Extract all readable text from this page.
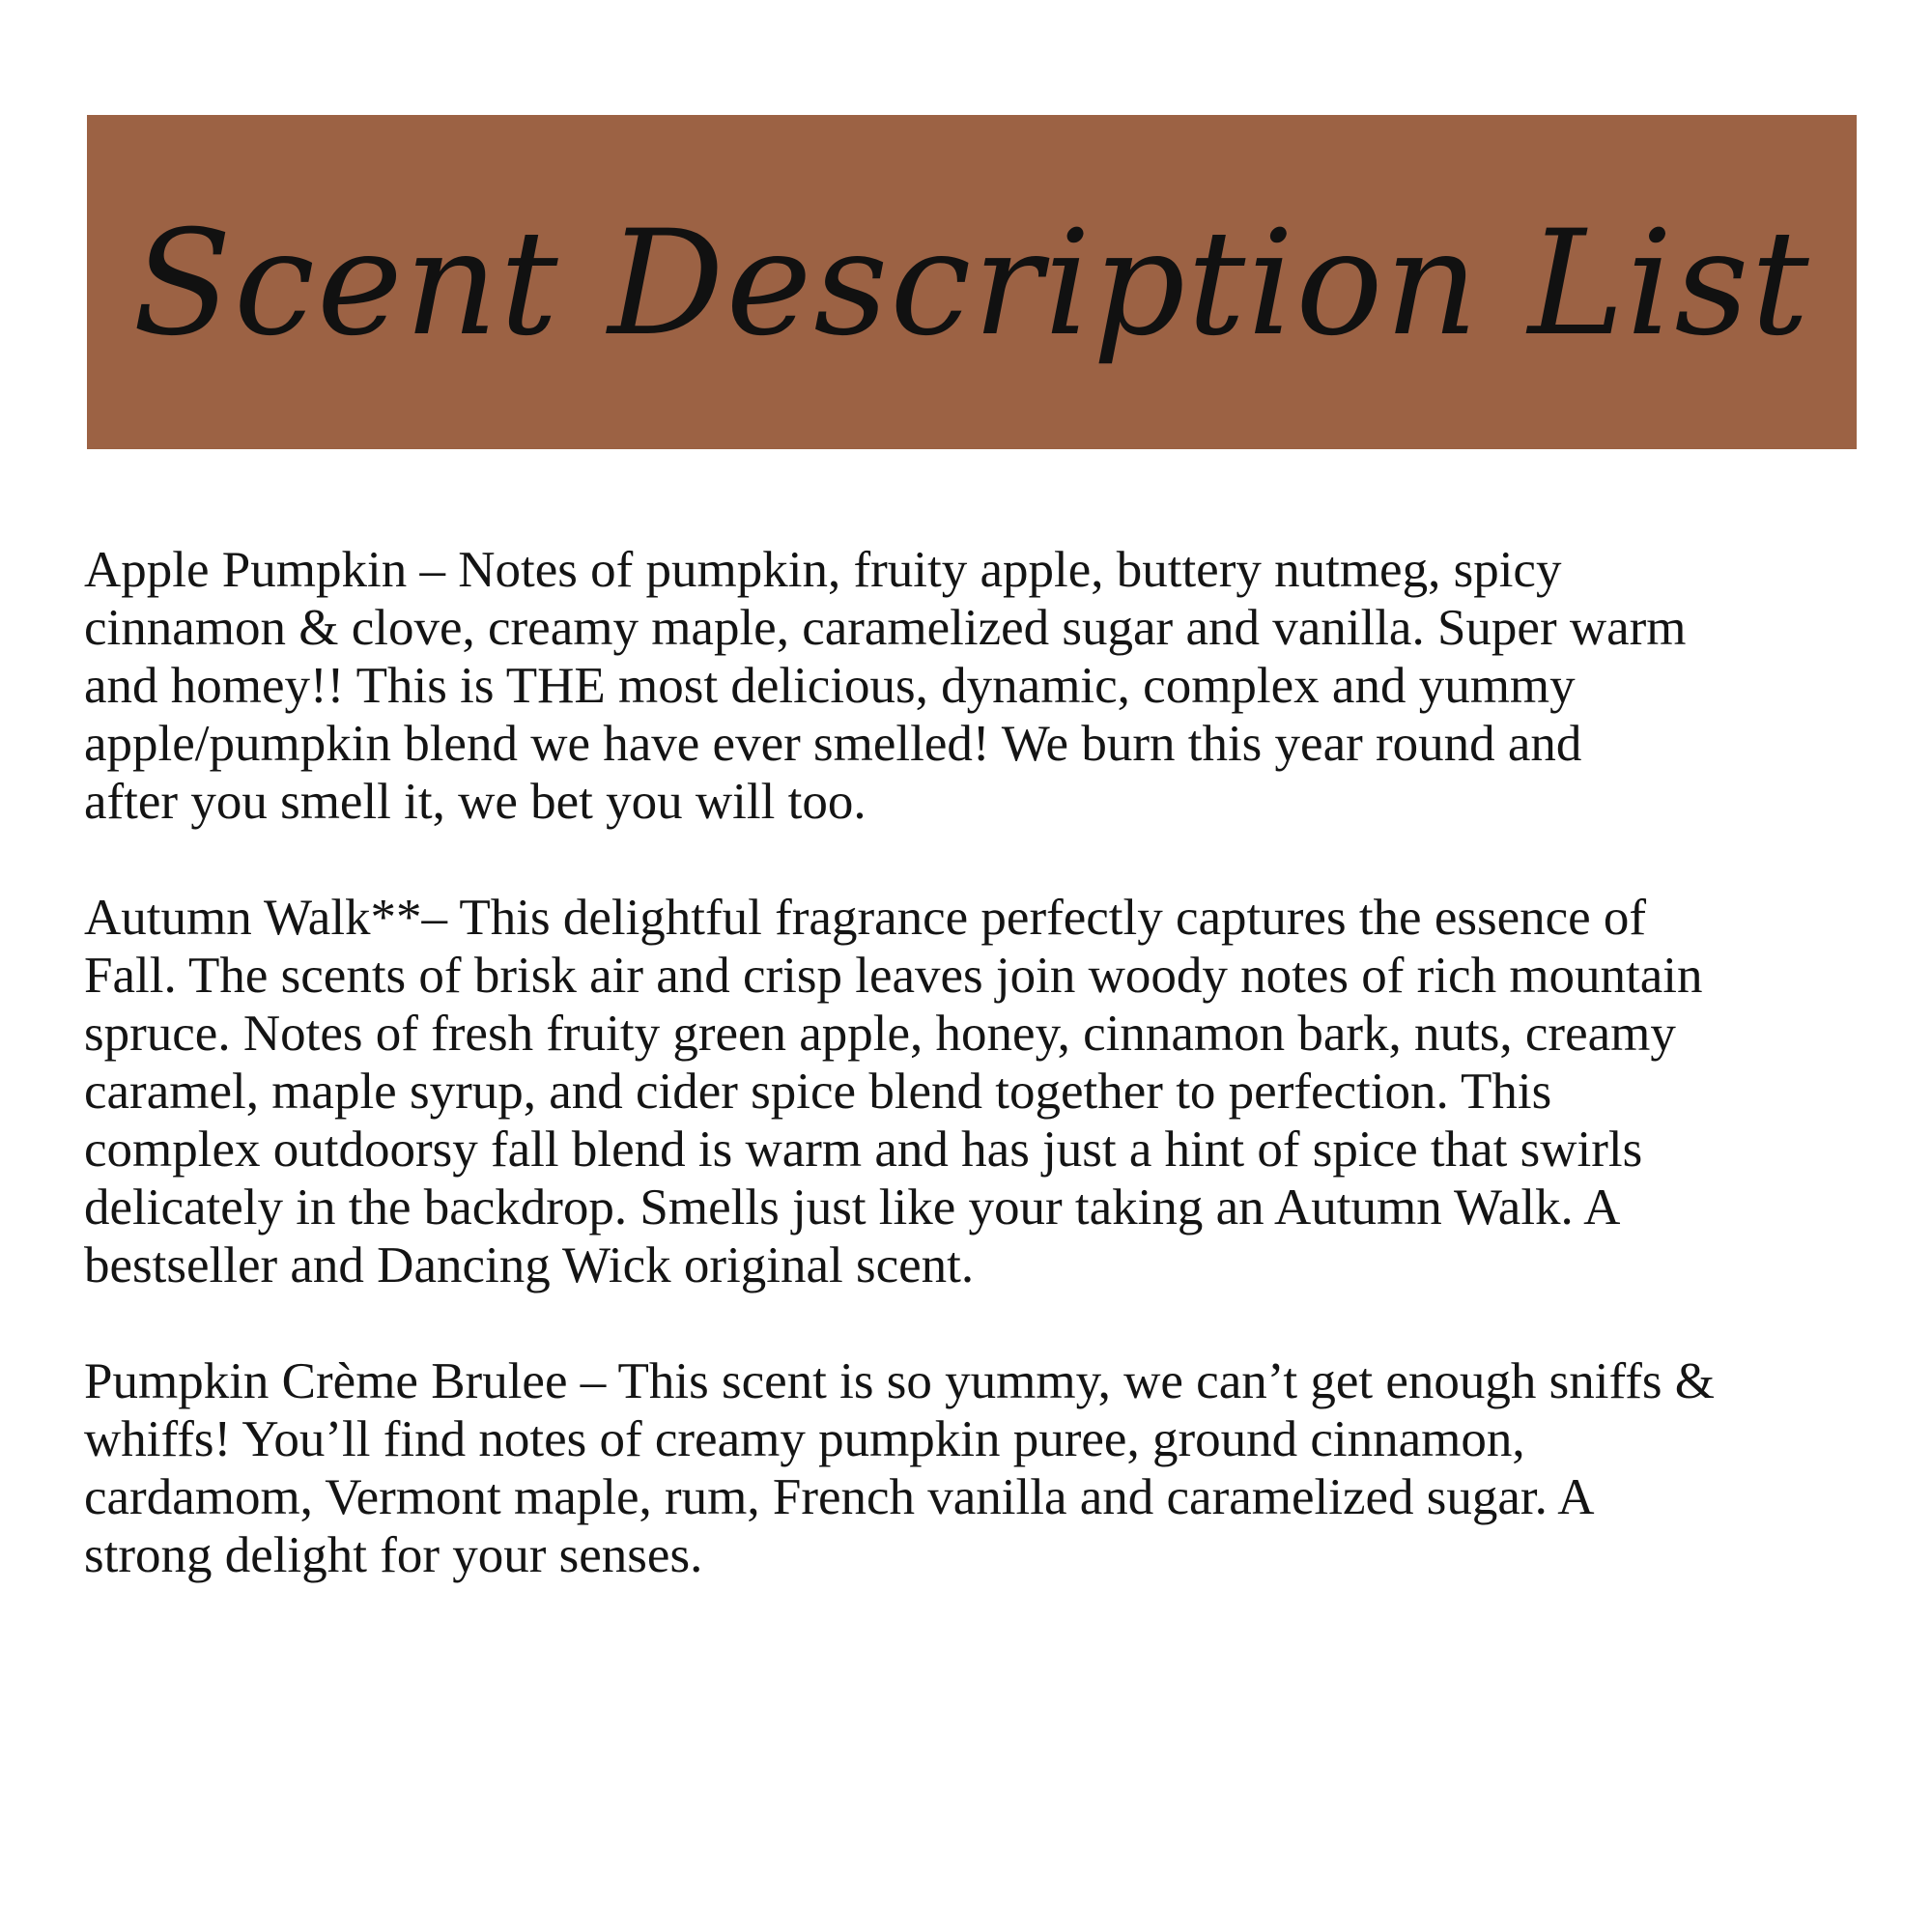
Scent Description List

Apple Pumpkin – Notes of pumpkin, fruity apple, buttery nutmeg, spicy
cinnamon & clove, creamy maple, caramelized sugar and vanilla. Super warm
and homey!! This is THE most delicious, dynamic, complex and yummy
apple/pumpkin blend we have ever smelled! We burn this year round and
after you smell it, we bet you will too.

Autumn Walk**– This delightful fragrance perfectly captures the essence of
Fall. The scents of brisk air and crisp leaves join woody notes of rich mountain
spruce. Notes of fresh fruity green apple, honey, cinnamon bark, nuts, creamy
caramel, maple syrup, and cider spice blend together to perfection. This
complex outdoorsy fall blend is warm and has just a hint of spice that swirls
delicately in the backdrop. Smells just like your taking an Autumn Walk. A
bestseller and Dancing Wick original scent.

Pumpkin Crème Brulee – This scent is so yummy, we can’t get enough sniffs &
whiffs! You’ll find notes of creamy pumpkin puree, ground cinnamon,
cardamom, Vermont maple, rum, French vanilla and caramelized sugar. A
strong delight for your senses.
